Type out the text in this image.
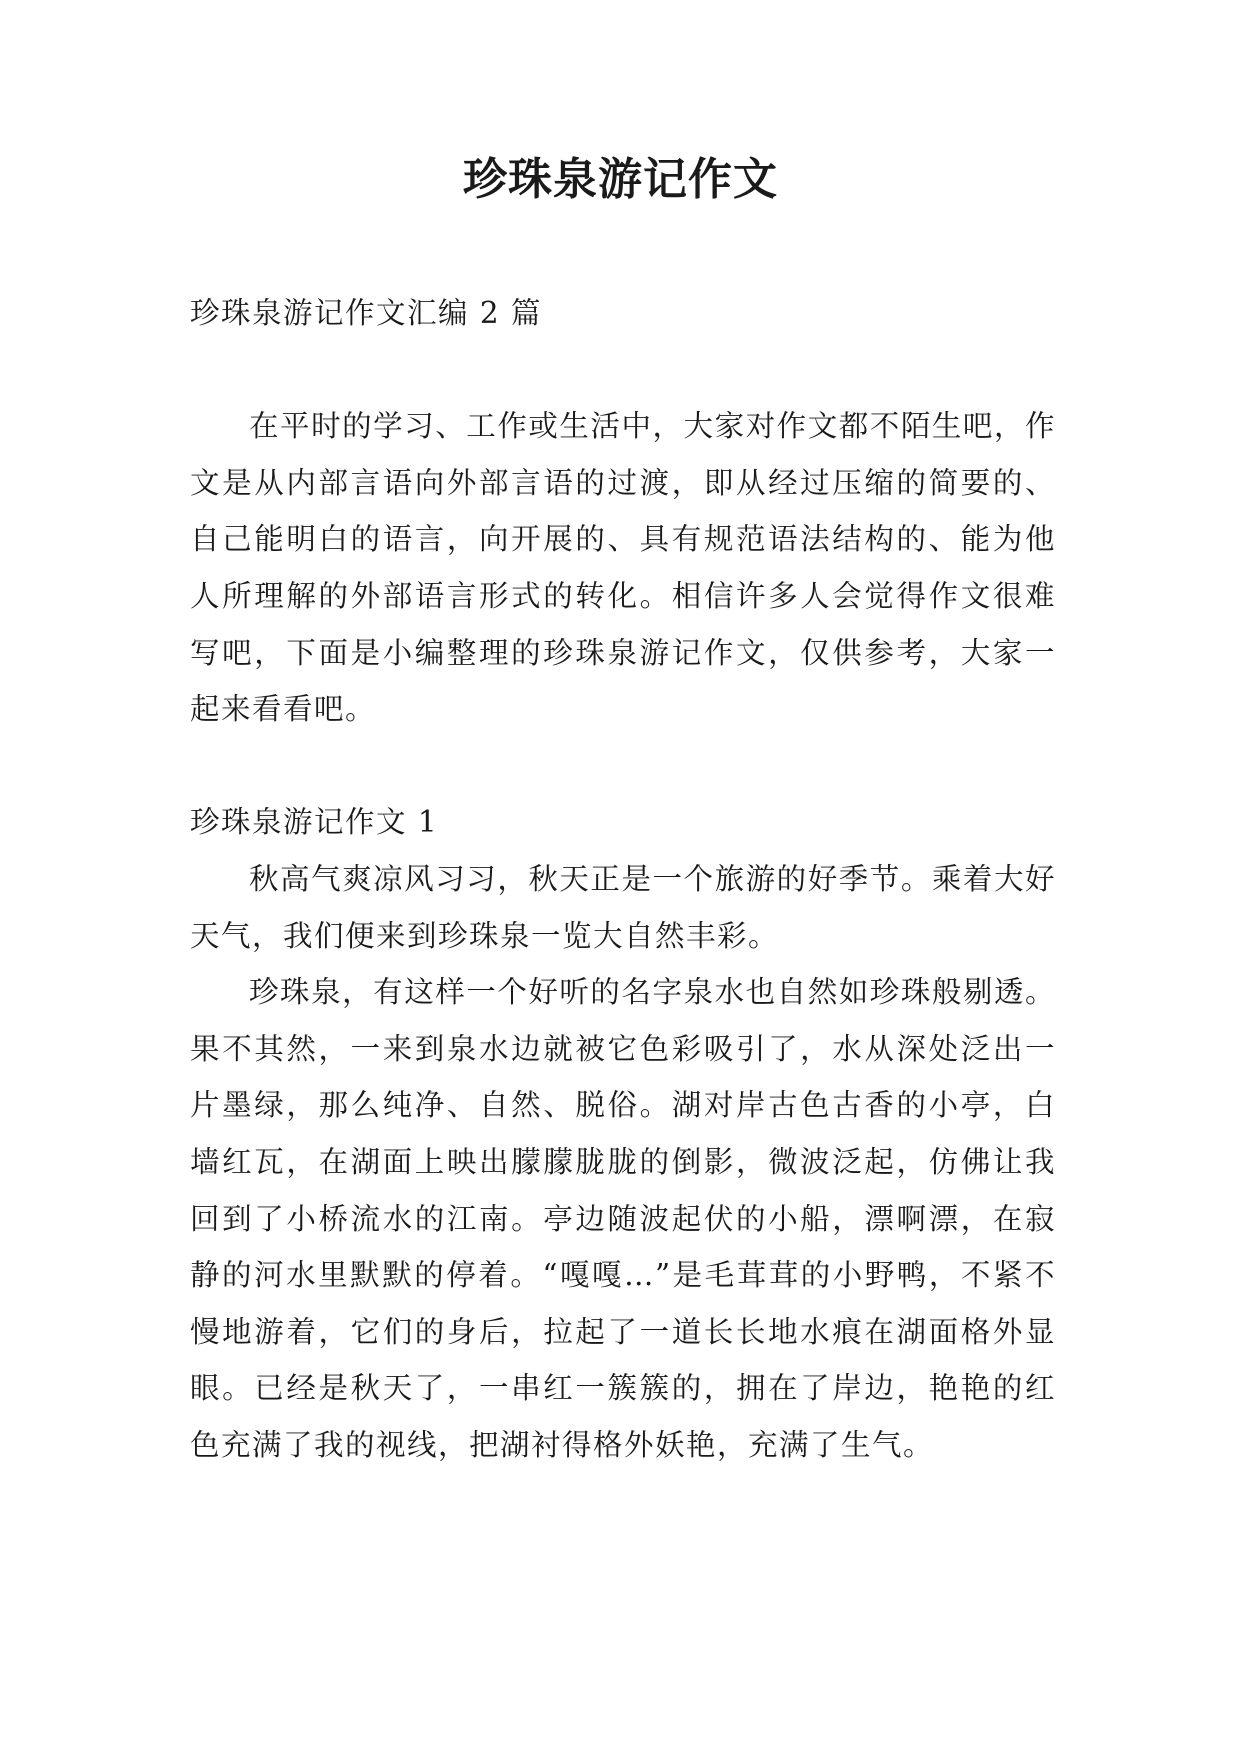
珍珠泉游记作文

珍珠泉游记作文汇编 2 篇

在平时的学习、工作或生活中，大家对作文都不陌生吧，作文是从内部言语向外部言语的过渡，即从经过压缩的简要的、自己能明白的语言，向开展的、具有规范语法结构的、能为他人所理解的外部语言形式的转化。相信许多人会觉得作文很难写吧，下面是小编整理的珍珠泉游记作文，仅供参考，大家一起来看看吧。

珍珠泉游记作文 1

秋高气爽凉风习习，秋天正是一个旅游的好季节。乘着大好天气，我们便来到珍珠泉一览大自然丰彩。

珍珠泉，有这样一个好听的名字泉水也自然如珍珠般剔透。果不其然，一来到泉水边就被它色彩吸引了，水从深处泛出一片墨绿，那么纯净、自然、脱俗。湖对岸古色古香的小亭，白墙红瓦，在湖面上映出朦朦胧胧的倒影，微波泛起，仿佛让我回到了小桥流水的江南。亭边随波起伏的小船，漂啊漂，在寂静的河水里默默的停着。“嘎嘎…”是毛茸茸的小野鸭，不紧不慢地游着，它们的身后，拉起了一道长长地水痕在湖面格外显眼。已经是秋天了，一串红一簇簇的，拥在了岸边，艳艳的红色充满了我的视线，把湖衬得格外妖艳，充满了生气。
